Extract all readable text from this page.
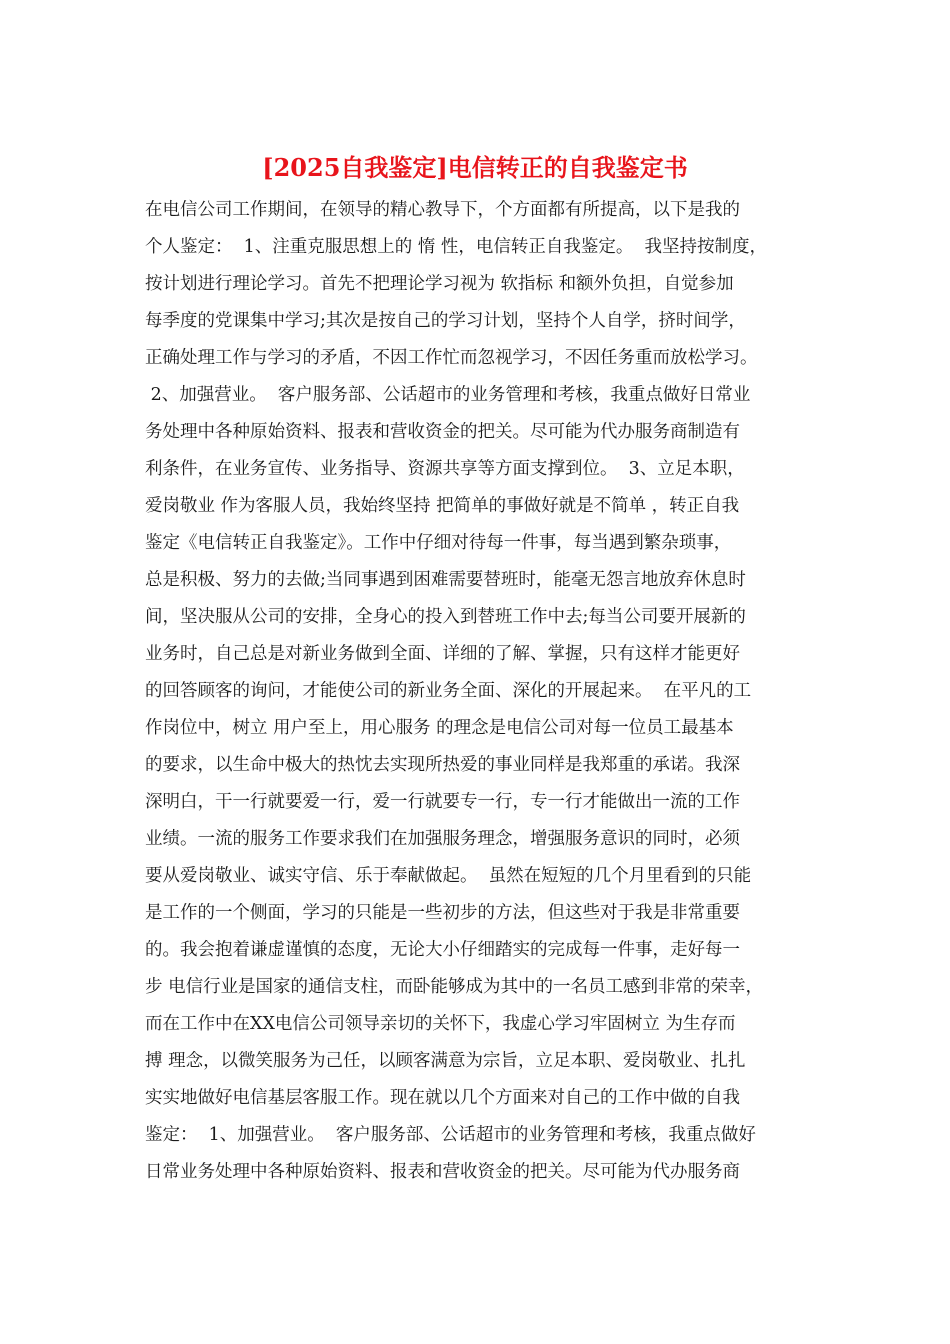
[2025自我鉴定]电信转正的自我鉴定书
在电信公司工作期间，在领导的精心教导下，个方面都有所提高，以下是我的
个人鉴定：  1、注重克服思想上的 惰 性，电信转正自我鉴定。  我坚持按制度，
按计划进行理论学习。首先不把理论学习视为 软指标 和额外负担，自觉参加
每季度的党课集中学习;其次是按自己的学习计划，坚持个人自学，挤时间学，
正确处理工作与学习的矛盾，不因工作忙而忽视学习，不因任务重而放松学习。
2、加强营业。  客户服务部、公话超市的业务管理和考核，我重点做好日常业
务处理中各种原始资料、报表和营收资金的把关。尽可能为代办服务商制造有
利条件，在业务宣传、业务指导、资源共享等方面支撑到位。  3、立足本职，
爱岗敬业 作为客服人员，我始终坚持 把简单的事做好就是不简单 ，转正自我
鉴定《电信转正自我鉴定》。工作中仔细对待每一件事，每当遇到繁杂琐事，
总是积极、努力的去做;当同事遇到困难需要替班时，能毫无怨言地放弃休息时
间，坚决服从公司的安排，全身心的投入到替班工作中去;每当公司要开展新的
业务时，自己总是对新业务做到全面、详细的了解、掌握，只有这样才能更好
的回答顾客的询问，才能使公司的新业务全面、深化的开展起来。  在平凡的工
作岗位中，树立 用户至上，用心服务 的理念是电信公司对每一位员工最基本
的要求，以生命中极大的热忱去实现所热爱的事业同样是我郑重的承诺。我深
深明白，干一行就要爱一行，爱一行就要专一行，专一行才能做出一流的工作
业绩。一流的服务工作要求我们在加强服务理念，增强服务意识的同时，必须
要从爱岗敬业、诚实守信、乐于奉献做起。  虽然在短短的几个月里看到的只能
是工作的一个侧面，学习的只能是一些初步的方法，但这些对于我是非常重要
的。我会抱着谦虚谨慎的态度，无论大小仔细踏实的完成每一件事，走好每一
步 电信行业是国家的通信支柱，而卧能够成为其中的一名员工感到非常的荣幸，
而在工作中在XX电信公司领导亲切的关怀下，我虚心学习牢固树立 为生存而
搏 理念，以微笑服务为己任，以顾客满意为宗旨，立足本职、爱岗敬业、扎扎
实实地做好电信基层客服工作。现在就以几个方面来对自己的工作中做的自我
鉴定：  1、加强营业。  客户服务部、公话超市的业务管理和考核，我重点做好
日常业务处理中各种原始资料、报表和营收资金的把关。尽可能为代办服务商
